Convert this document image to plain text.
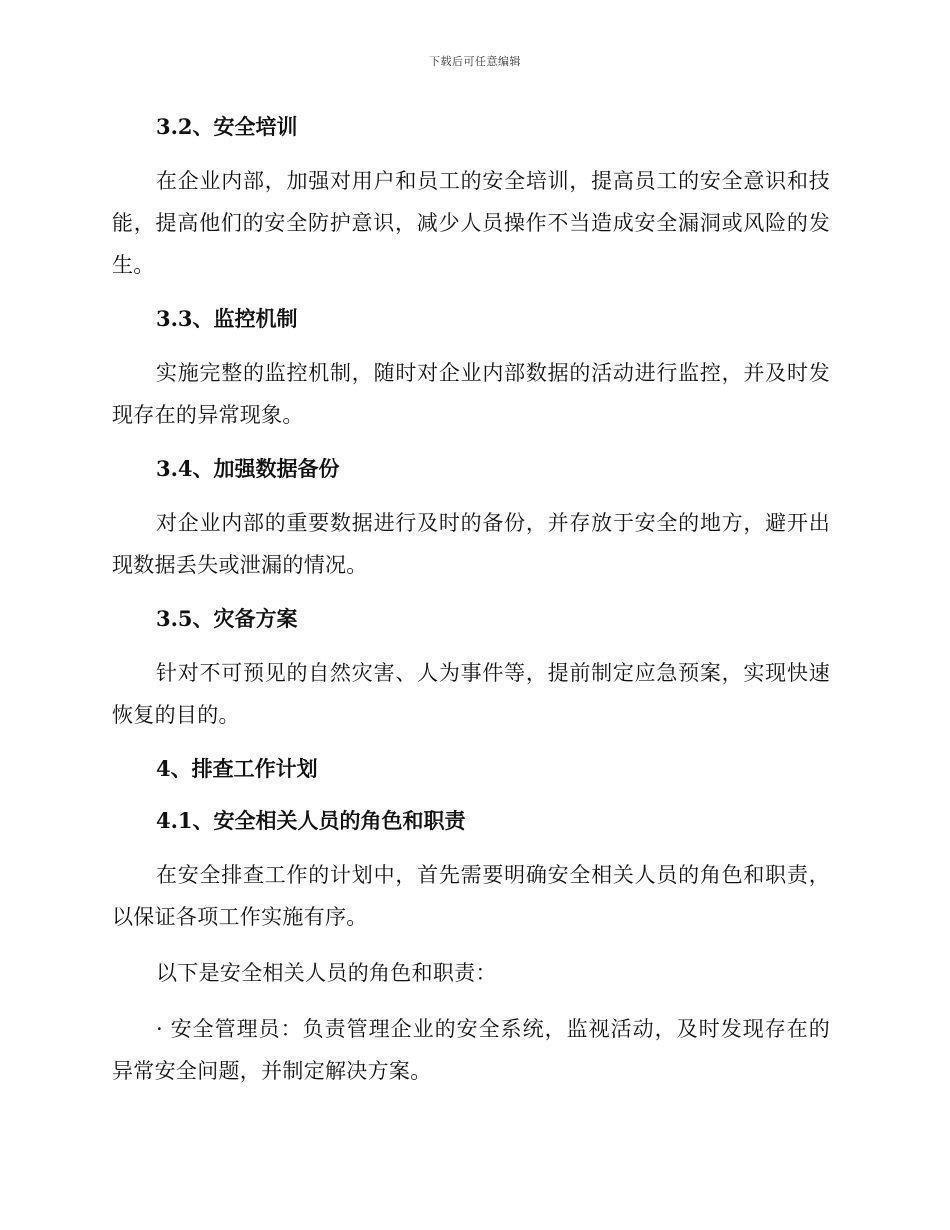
下载后可任意编辑

3.2、安全培训

在企业内部，加强对用户和员工的安全培训，提高员工的安全意识和技能，提高他们的安全防护意识，减少人员操作不当造成安全漏洞或风险的发生。

3.3、监控机制

实施完整的监控机制，随时对企业内部数据的活动进行监控，并及时发现存在的异常现象。

3.4、加强数据备份

对企业内部的重要数据进行及时的备份，并存放于安全的地方，避开出现数据丢失或泄漏的情况。

3.5、灾备方案

针对不可预见的自然灾害、人为事件等，提前制定应急预案，实现快速恢复的目的。

4、排查工作计划

4.1、安全相关人员的角色和职责

在安全排查工作的计划中，首先需要明确安全相关人员的角色和职责，以保证各项工作实施有序。

以下是安全相关人员的角色和职责：

· 安全管理员：负责管理企业的安全系统，监视活动，及时发现存在的异常安全问题，并制定解决方案。
